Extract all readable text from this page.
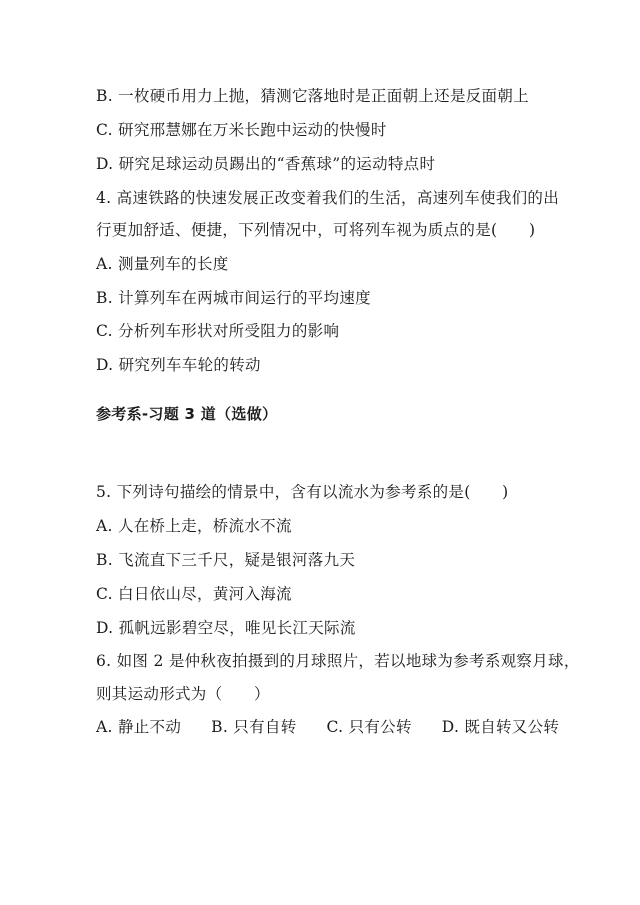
B. 一枚硬币用力上抛，猜测它落地时是正面朝上还是反面朝上
C. 研究邢慧娜在万米长跑中运动的快慢时
D. 研究足球运动员踢出的“香蕉球”的运动特点时
4. 高速铁路的快速发展正改变着我们的生活，高速列车使我们的出
行更加舒适、便捷，下列情况中，可将列车视为质点的是(　　)
A. 测量列车的长度
B. 计算列车在两城市间运行的平均速度
C. 分析列车形状对所受阻力的影响
D. 研究列车车轮的转动
参考系-习题 3 道（选做）
5. 下列诗句描绘的情景中，含有以流水为参考系的是(　　)
A. 人在桥上走，桥流水不流
B. 飞流直下三千尺，疑是银河落九天
C. 白日依山尽，黄河入海流
D. 孤帆远影碧空尽，唯见长江天际流
6. 如图 2 是仲秋夜拍摄到的月球照片，若以地球为参考系观察月球，
则其运动形式为（　　）
A. 静止不动 B. 只有自转 C. 只有公转 D. 既自转又公转
